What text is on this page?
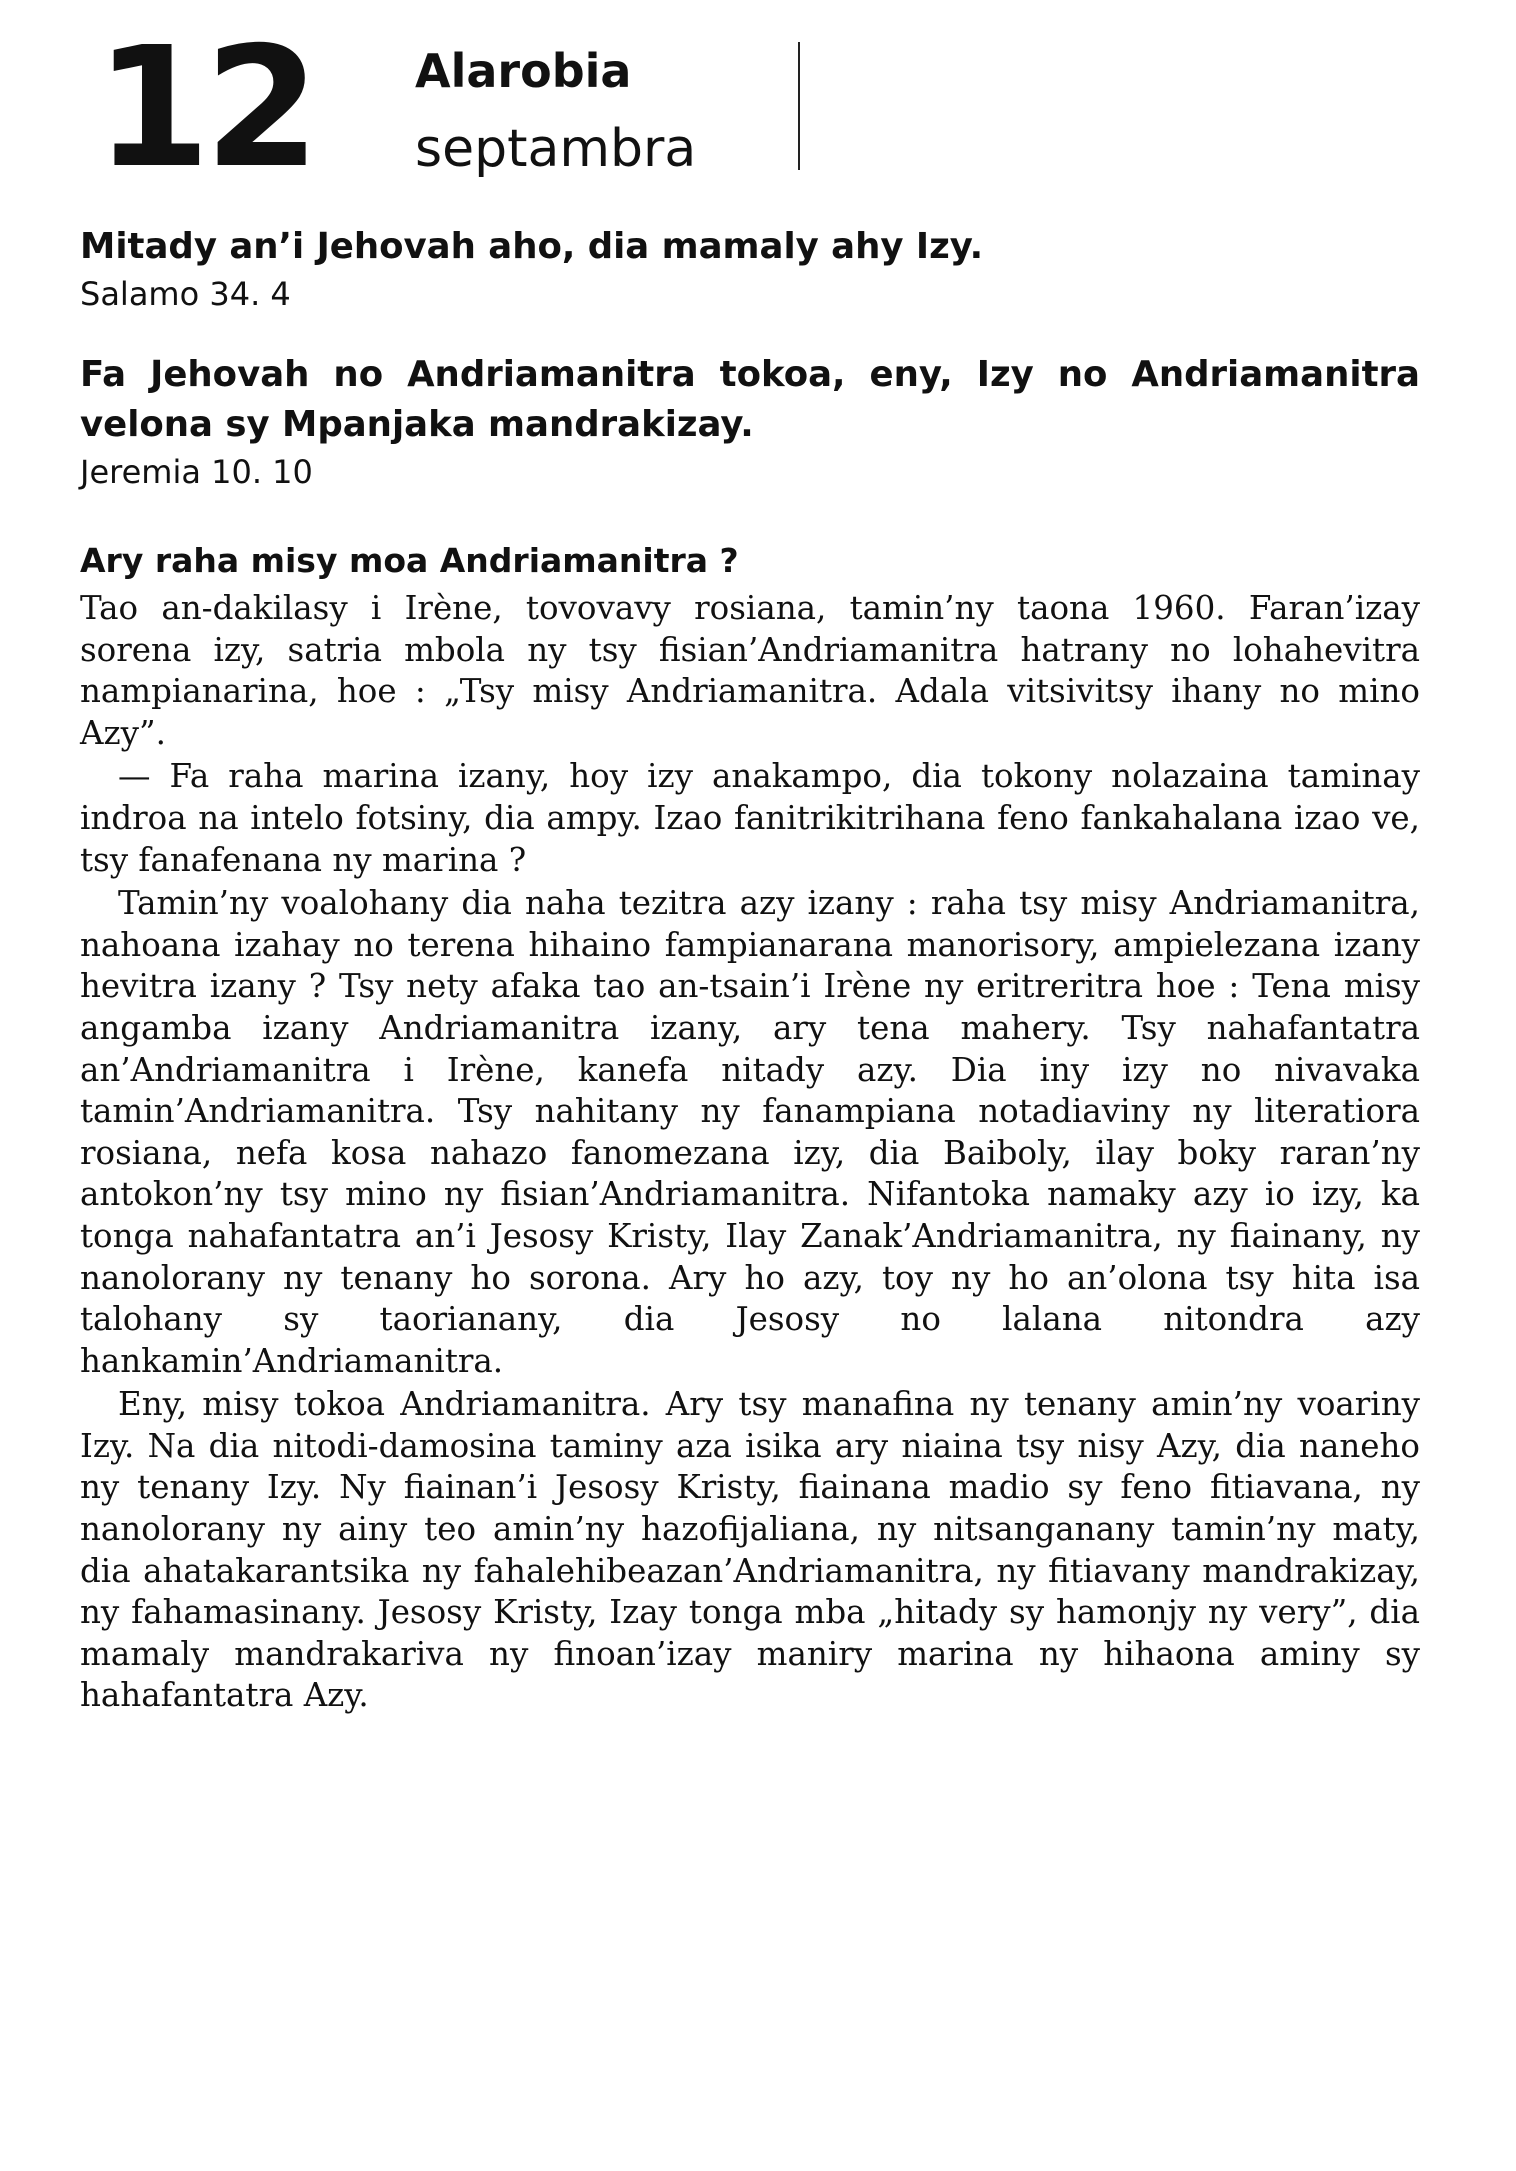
12 Alarobia
septambra

Mitady an’i Jehovah aho, dia mamaly ahy Izy.

Salamo 34. 4

Fa Jehovah no Andriamanitra tokoa, eny, Izy no Andriamanitra velona sy Mpanjaka mandrakizay.

Jeremia 10. 10

Ary raha misy moa Andriamanitra ?

Tao an-dakilasy i Irène, tovovavy rosiana, tamin’ny taona 1960. Faran’izay sorena izy, satria mbola ny tsy fisian’Andriamanitra hatrany no lohahevitra nampianarina, hoe : „Tsy misy Andriamanitra. Adala vitsivitsy ihany no mino Azy”.

— Fa raha marina izany, hoy izy anakampo, dia tokony nolazaina taminay indroa na intelo fotsiny, dia ampy. Izao fanitrikitrihana feno fankahalana izao ve, tsy fanafenana ny marina ?

Tamin’ny voalohany dia naha tezitra azy izany : raha tsy misy Andriamanitra, nahoana izahay no terena hihaino fampianarana manorisory, ampielezana izany hevitra izany ? Tsy nety afaka tao an-tsain’i Irène ny eritreritra hoe : Tena misy angamba izany Andriamanitra izany, ary tena mahery. Tsy nahafantatra an’Andriamanitra i Irène, kanefa nitady azy. Dia iny izy no nivavaka tamin’Andriamanitra. Tsy nahitany ny fanampiana notadiaviny ny literatiora rosiana, nefa kosa nahazo fanomezana izy, dia Baiboly, ilay boky raran’ny antokon’ny tsy mino ny fisian’Andriamanitra. Nifantoka namaky azy io izy, ka tonga nahafantatra an’i Jesosy Kristy, Ilay Zanak’Andriamanitra, ny fiainany, ny nanolorany ny tenany ho sorona. Ary ho azy, toy ny ho an’olona tsy hita isa talohany sy taorianany, dia Jesosy no lalana nitondra azy hankamin’Andriamanitra.

Eny, misy tokoa Andriamanitra. Ary tsy manafina ny tenany amin’ny voariny Izy. Na dia nitodi-damosina taminy aza isika ary niaina tsy nisy Azy, dia naneho ny tenany Izy. Ny fiainan’i Jesosy Kristy, fiainana madio sy feno fitiavana, ny nanolorany ny ainy teo amin’ny hazofijaliana, ny nitsanganany tamin’ny maty, dia ahatakarantsika ny fahalehibeazan’Andriamanitra, ny fitiavany mandrakizay, ny fahamasinany. Jesosy Kristy, Izay tonga mba „hitady sy hamonjy ny very”, dia mamaly mandrakariva ny finoan’izay maniry marina ny hihaona aminy sy hahafantatra Azy.
